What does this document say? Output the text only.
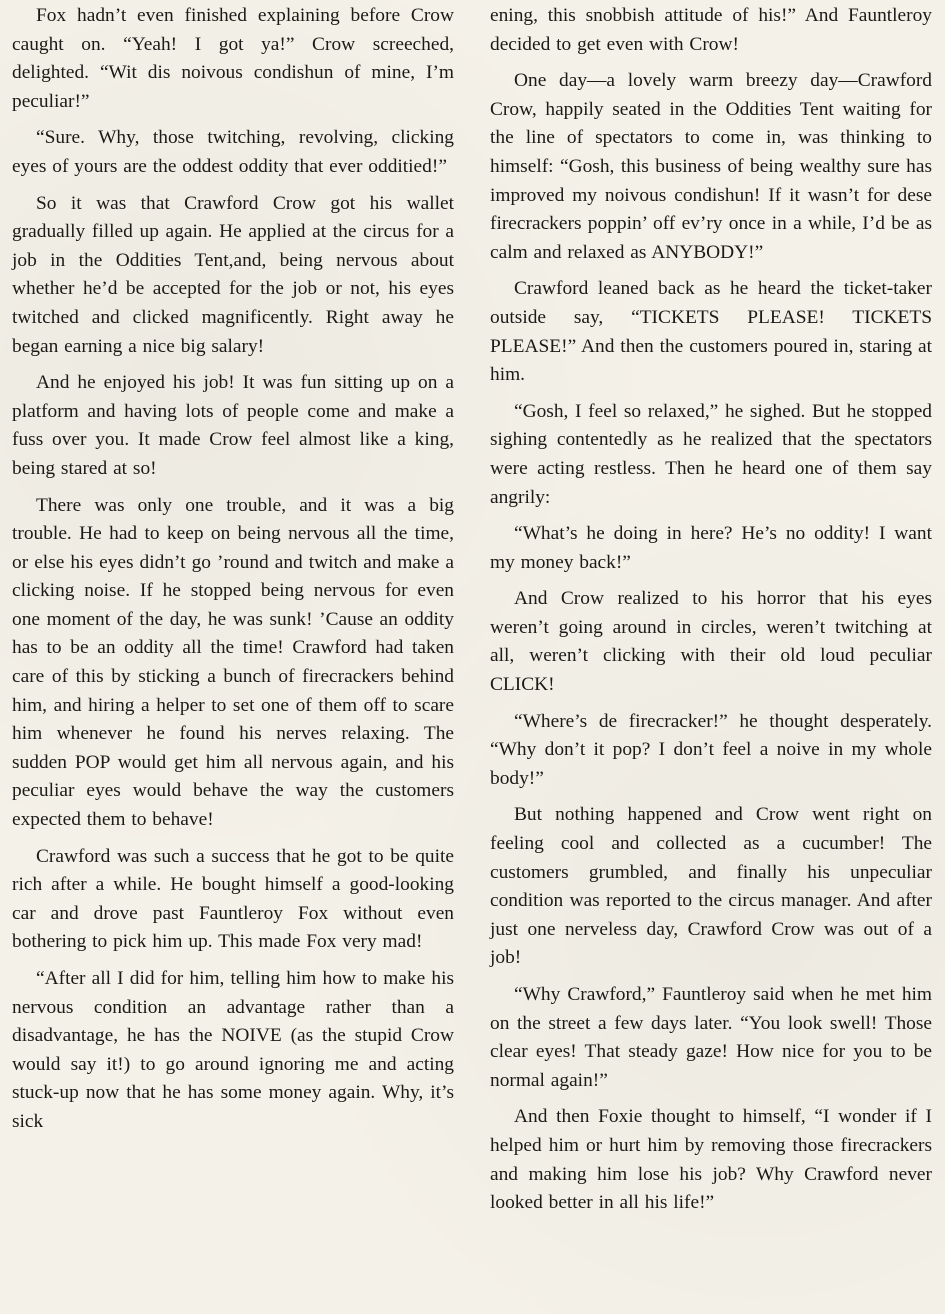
Fox hadn’t even finished explaining before Crow caught on. “Yeah! I got ya!” Crow screeched, delighted. “Wit dis noivous condishun of mine, I’m peculiar!”

“Sure. Why, those twitching, revolving, clicking eyes of yours are the oddest oddity that ever odditied!”

So it was that Crawford Crow got his wallet gradually filled up again. He applied at the circus for a job in the Oddities Tent,and, being nervous about whether he’d be accepted for the job or not, his eyes twitched and clicked magnificently. Right away he began earning a nice big salary!

And he enjoyed his job! It was fun sitting up on a platform and having lots of people come and make a fuss over you. It made Crow feel almost like a king, being stared at so!

There was only one trouble, and it was a big trouble. He had to keep on being nervous all the time, or else his eyes didn’t go ’round and twitch and make a clicking noise. If he stopped being nervous for even one moment of the day, he was sunk! ’Cause an oddity has to be an oddity all the time! Crawford had taken care of this by sticking a bunch of firecrackers behind him, and hiring a helper to set one of them off to scare him whenever he found his nerves relaxing. The sudden POP would get him all nervous again, and his peculiar eyes would behave the way the customers expected them to behave!

Crawford was such a success that he got to be quite rich after a while. He bought himself a good-looking car and drove past Fauntleroy Fox without even bothering to pick him up. This made Fox very mad!

“After all I did for him, telling him how to make his nervous condition an advantage rather than a disadvantage, he has the NOIVE (as the stupid Crow would say it!) to go around ignoring me and acting stuck-up now that he has some money again. Why, it’s sick

ening, this snobbish attitude of his!” And Fauntleroy decided to get even with Crow!

One day—a lovely warm breezy day—Crawford Crow, happily seated in the Oddities Tent waiting for the line of spectators to come in, was thinking to himself: “Gosh, this business of being wealthy sure has improved my noivous condishun! If it wasn’t for dese firecrackers poppin’ off ev’ry once in a while, I’d be as calm and relaxed as ANYBODY!”

Crawford leaned back as he heard the ticket-taker outside say, “TICKETS PLEASE! TICKETS PLEASE!” And then the customers poured in, staring at him.

“Gosh, I feel so relaxed,” he sighed. But he stopped sighing contentedly as he realized that the spectators were acting restless. Then he heard one of them say angrily:

“What’s he doing in here? He’s no oddity! I want my money back!”

And Crow realized to his horror that his eyes weren’t going around in circles, weren’t twitching at all, weren’t clicking with their old loud peculiar CLICK!

“Where’s de firecracker!” he thought desperately. “Why don’t it pop? I don’t feel a noive in my whole body!”

But nothing happened and Crow went right on feeling cool and collected as a cucumber! The customers grumbled, and finally his unpeculiar condition was reported to the circus manager. And after just one nerveless day, Crawford Crow was out of a job!

“Why Crawford,” Fauntleroy said when he met him on the street a few days later. “You look swell! Those clear eyes! That steady gaze! How nice for you to be normal again!”

And then Foxie thought to himself, “I wonder if I helped him or hurt him by removing those firecrackers and making him lose his job? Why Crawford never looked better in all his life!”
